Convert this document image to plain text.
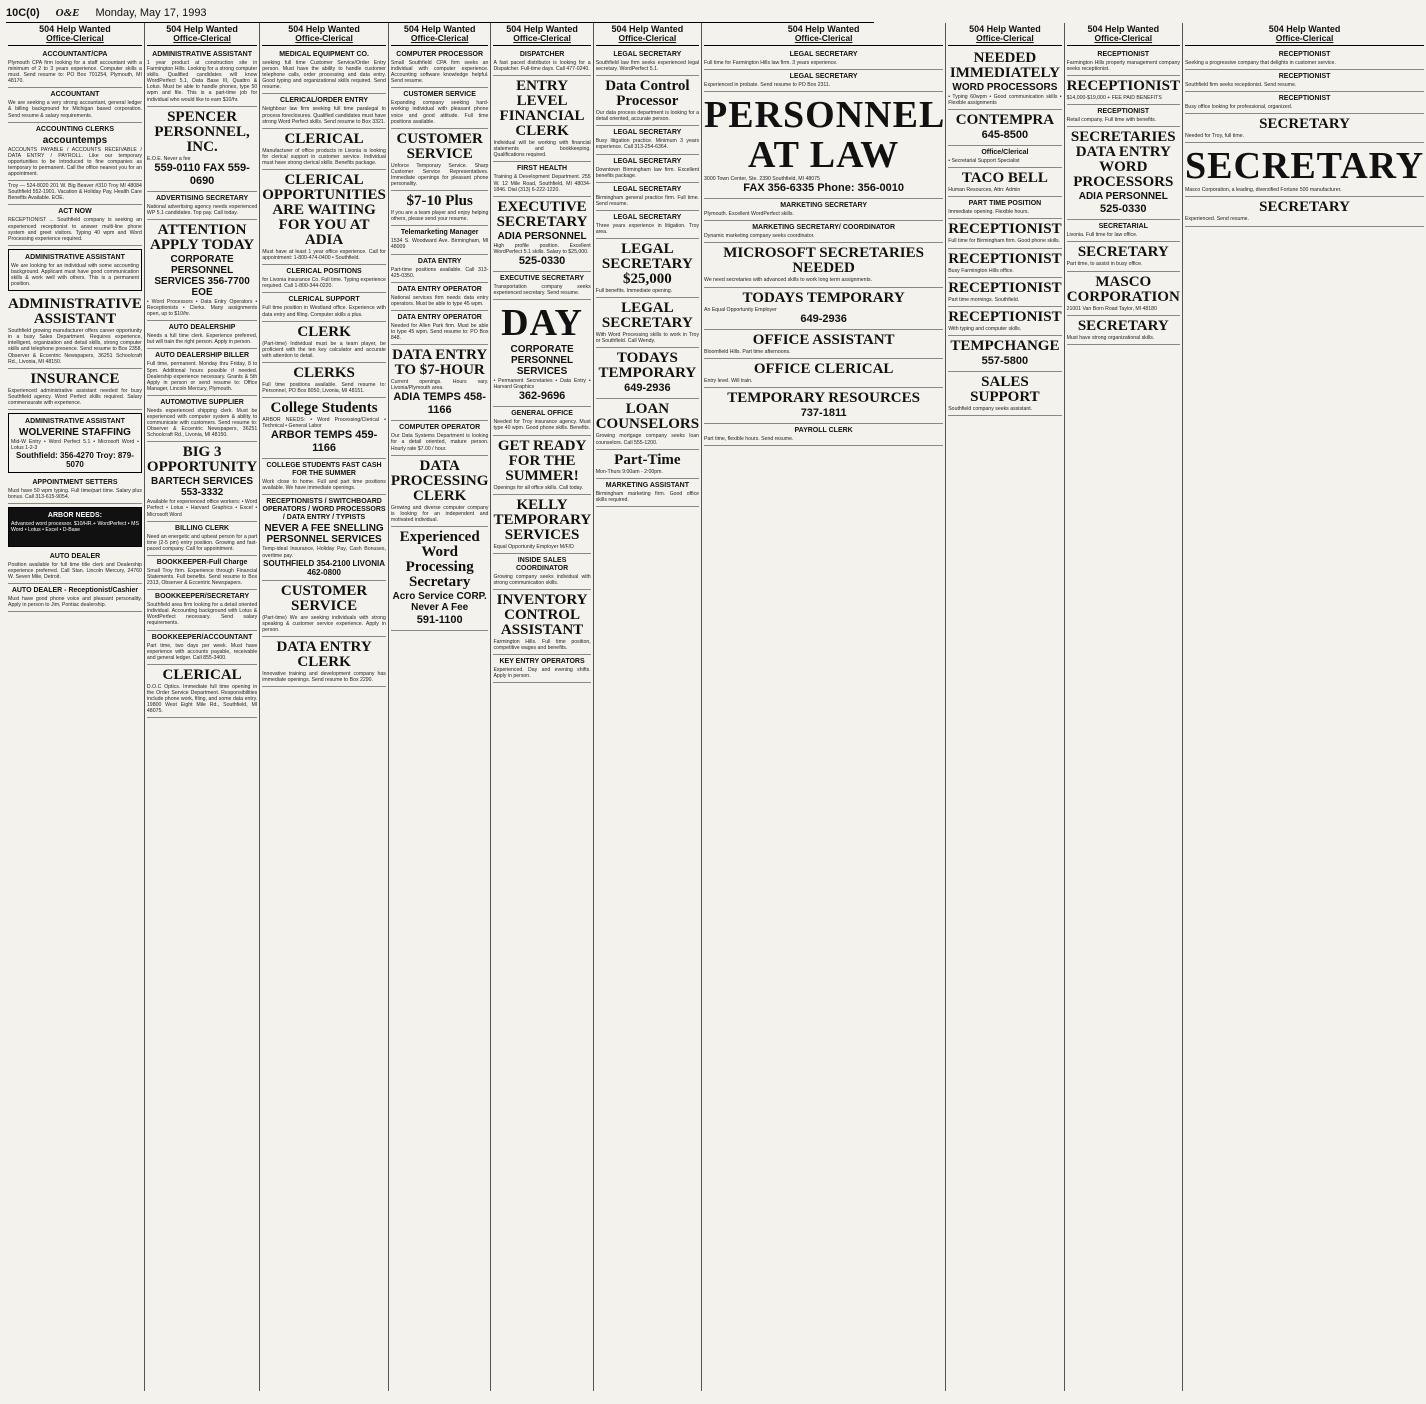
10C(0) O&E Monday, May 17, 1993
504 Help Wanted
Office-Clerical
ACCOUNTANT/CPA

Plymouth CPA firm looking for a staff accountant with a minimum of 2 to 3 years experience. Computer skills a must. Send resume to: PO Box 701254, Plymouth, MI 48170.

ACCOUNTANT

We are seeking a very strong accountant, general ledger & billing background for Michigan based corporation. Send resume & salary requirements.

ACCOUNTING CLERKS
accountemps

ACCOUNTS PAYABLE / ACCOUNTS RECEIVABLE / DATA ENTRY / PAYROLL. Like our temporary opportunities to be introduced to fine companies as temporary to permanent. Call the office nearest you for an appointment.

Troy — 524-8020 201 W. Big Beaver #310 Troy MI 48084 Southfield 552-1901. Vacation & Holiday Pay, Health Care Benefits Available. EOE.

ACT NOW

RECEPTIONIST ... Southfield company is seeking an experienced receptionist to answer multi-line phone system and greet visitors. Typing 40 wpm and Word Processing experience required.

ADMINISTRATIVE ASSISTANT

We are looking for an individual with some accounting background. Applicant must have good communication skills & work well with others. This is a permanent position.

ADMINISTRATIVE ASSISTANT

Southfield growing manufacturer offers career opportunity in a busy Sales Department. Requires experience, intelligent, organization and detail skills, strong computer skills and telephone presence. Send resume to Box 2358, Observer & Eccentric Newspapers, 36251 Schoolcraft Rd., Livonia, MI 48150.

INSURANCE

Experienced administrative assistant needed for busy Southfield agency. Word Perfect skills required. Salary commensurate with experience.

ADMINISTRATIVE ASSISTANT
WOLVERINE STAFFING

Mid-W Entry • Word Perfect 5.1 • Microsoft Word • Lotus 1-2-3

Southfield: 356-4270 Troy: 879-5070
APPOINTMENT SETTERS

Must have 50 wpm typing. Full time/part time. Salary plus bonus. Call 313-615-9054.

ARBOR NEEDS:

Advanced word processor. $10/HR.+ WordPerfect • MS Word • Lotus • Excel • D-Base

ARBOR TEMPS 459-1166
AUTO DEALER

Position available for full time title clerk and Dealership experience preferred. Call Stan. Lincoln Mercury, 24760 W. Seven Mile, Detroit.

AUTO DEALER - Receptionist/Cashier

Must have good phone voice and pleasant personality. Apply in person to Jim, Pontiac dealership.

504 Help Wanted
Office-Clerical
ADMINISTRATIVE ASSISTANT

1 year product at construction site in Farmington Hills. Looking for a strong computer skills. Qualified candidates will know WordPerfect 5.1, Data Base III, Quattro & Lotus. Must be able to handle phones, type 50 wpm and file. This is a part-time job for individual who would like to earn $10/hr.

SPENCER PERSONNEL, INC.

E.O.E. Never a fee

559-0110 FAX 559-0690
ADVERTISING SECRETARY

National advertising agency needs experienced WP 5.1 candidates. Top pay. Call today.

ATTENTION APPLY TODAY
CORPORATE PERSONNEL SERVICES 356-7700 EOE

• Word Processors • Data Entry Operators • Receptionists • Clerks. Many assignments open, up to $10/hr.

AUTO DEALERSHIP

Needs a full time clerk. Experience preferred, but will train the right person. Apply in person.

AUTO DEALERSHIP BILLER

Full time, permanent. Monday thru Friday, 8 to 5pm. Additional hours possible if needed. Dealership experience necessary. Grants & 5th Apply in person or send resume to: Office Manager, Lincoln Mercury, Plymouth.

AUTOMOTIVE SUPPLIER

Needs experienced shipping clerk. Must be experienced with computer system & ability to communicate with customers. Send resume to: Observer & Eccentric Newspapers, 36251 Schoolcraft Rd., Livonia, MI 48150.

BIG 3 OPPORTUNITY
BARTECH SERVICES 553-3332

Available for experienced office workers: • Word Perfect • Lotus • Harvard Graphics • Excel • Microsoft Word

BILLING CLERK

Need an energetic and upbeat person for a part time (2-5 pm) entry position. Growing and fast-paced company. Call for appointment.

BOOKKEEPER-Full Charge

Small Troy firm. Experience through Financial Statements. Full benefits. Send resume to Box 2313, Observer & Eccentric Newspapers.

BOOKKEEPER/SECRETARY

Southfield area firm looking for a detail oriented individual. Accounting background with Lotus & WordPerfect necessary. Send salary requirements.

BOOKKEEPER/ACCOUNTANT

Part time, two days per week. Must have experience with accounts payable, receivable and general ledger. Call 855-3400.

CLERICAL

D.O.C Optics. Immediate full time opening in the Order Service Department. Responsibilities include phone work, filing, and some data entry. 19800 West Eight Mile Rd., Southfield, MI 48075.

504 Help Wanted
Office-Clerical
MEDICAL EQUIPMENT CO.

seeking full time Customer Service/Order Entry person. Must have the ability to handle customer telephone calls, order processing and data entry. Good typing and organizational skills required. Send resume.

CLERICAL/ORDER ENTRY

Neighbour law firm seeking full time paralegal to process foreclosures. Qualified candidates must have strong Word Perfect skills. Send resume to Box 3321.

CLERICAL

Manufacturer of office products in Livonia is looking for clerical support in customer service. Individual must have strong clerical skills. Benefits package.

CLERICAL OPPORTUNITIES ARE WAITING FOR YOU AT ADIA

Must have at least 1 year office experience. Call for appointment: 1-800-474-0400 • Southfield.

CLERICAL POSITIONS

for Livonia insurance Co. Full time. Typing experience required. Call 1-800-344-0220.

CLERICAL SUPPORT

Full time position in Westland office. Experience with data entry and filing. Computer skills a plus.

CLERK

(Part-time) Individual must be a team player, be proficient with the ten key calculator and accurate with attention to detail.

CLERKS

Full time positions available. Send resume to: Personnel, PO Box 8050, Livonia, MI 48151.

College Students

ARBOR NEEDS: • Word Processing/Clerical • Technical • General Labor

ARBOR TEMPS 459-1166
COLLEGE STUDENTS FAST CASH FOR THE SUMMER

Work close to home. Full and part time positions available. We have immediate openings.

RECEPTIONISTS / SWITCHBOARD OPERATORS / WORD PROCESSORS / DATA ENTRY / TYPISTS
NEVER A FEE SNELLING PERSONNEL SERVICES

Temp-ideal Insurance, Holiday Pay, Cash Bonuses, overtime pay.

SOUTHFIELD 354-2100 LIVONIA 462-0800
CUSTOMER SERVICE

(Part-time) We are seeking individuals with strong speaking & customer service experience. Apply in person.

DATA ENTRY CLERK

Innovative training and development company has immediate openings. Send resume to Box 2290.

504 Help Wanted
Office-Clerical
COMPUTER PROCESSOR

Small Southfield CPA firm seeks an individual with computer experience. Accounting software knowledge helpful. Send resume.

CUSTOMER SERVICE

Expanding company seeking hard-working individual with pleasant phone voice and good attitude. Full time positions available.

CUSTOMER SERVICE

Unforce Temporary Service. Sharp Customer Service Representatives. Immediate openings for pleasant phone personality.

$7-10 Plus

If you are a team player and enjoy helping others, please send your resume.

Telemarketing Manager

1534 S. Woodward Ave. Birmingham, MI 48009

DATA ENTRY

Part-time positions available. Call 313-425-0350.

DATA ENTRY OPERATOR

National services firm needs data entry operators. Must be able to type 45 wpm.

DATA ENTRY OPERATOR

Needed for Allen Park firm. Must be able to type 45 wpm. Send resume to: PO Box 848.

DATA ENTRY TO $7-HOUR

Current openings. Hours vary. Livonia/Plymouth area.

ADIA TEMPS 458-1166
COMPUTER OPERATOR

Our Data Systems Department is looking for a detail oriented, mature person. Hourly rate $7.00 / hour.

DATA PROCESSING CLERK

Growing and diverse computer company is looking for an independent and motivated individual.

Experienced Word Processing Secretary
Acro Service CORP. Never A Fee
591-1100
504 Help Wanted
Office-Clerical
DISPATCHER

A fast paced distributor is looking for a Dispatcher. Full-time days. Call 477-0240.

ENTRY LEVEL FINANCIAL CLERK

Individual will be working with financial statements and bookkeeping. Qualifications required.

FIRST HEALTH

Training & Development Department. 255 W. 12 Mile Road, Southfield, MI 48034-1846. Dial (313) 6-222-1220.

EXECUTIVE SECRETARY
ADIA PERSONNEL

High profile position. Excellent WordPerfect 5.1 skills. Salary to $25,000.

525-0330
EXECUTIVE SECRETARY

Transportation company seeks experienced secretary. Send resume.

DAY
CORPORATE PERSONNEL SERVICES

• Permanent Secretaries • Data Entry • Harvard Graphics

362-9696
GENERAL OFFICE

Needed for Troy insurance agency. Must type 40 wpm. Good phone skills. Benefits.

GET READY FOR THE SUMMER!

Openings for all office skills. Call today.

KELLY TEMPORARY SERVICES

Equal Opportunity Employer M/F/D

INSIDE SALES COORDINATOR

Growing company seeks individual with strong communication skills.

INVENTORY CONTROL ASSISTANT

Farmington Hills. Full time position, competitive wages and benefits.

KEY ENTRY OPERATORS

Experienced. Day and evening shifts. Apply in person.

504 Help Wanted
Office-Clerical
LEGAL SECRETARY

Southfield law firm seeks experienced legal secretary. WordPerfect 5.1.

Data Control Processor

Our data process department is looking for a detail oriented, accurate person.

LEGAL SECRETARY

Busy litigation practice. Minimum 3 years experience. Call 313-254-6364.

LEGAL SECRETARY

Downtown Birmingham law firm. Excellent benefits package.

LEGAL SECRETARY

Birmingham general practice firm. Full time. Send resume.

LEGAL SECRETARY

Three years experience in litigation. Troy area.

LEGAL SECRETARY $25,000

Full benefits. Immediate opening.

LEGAL SECRETARY

With Word Processing skills to work in Troy or Southfield. Call Wendy.

TODAYS TEMPORARY
649-2936
LOAN COUNSELORS

Growing mortgage company seeks loan counselors. Call 555-1200.

Part-Time

Mon-Thurs 9:00am - 2:00pm.

MARKETING ASSISTANT

Birmingham marketing firm. Good office skills required.

504 Help Wanted
Office-Clerical
LEGAL SECRETARY

Full time for Farmington Hills law firm. 3 years experience.

LEGAL SECRETARY

Experienced in probate. Send resume to PO Box 2311.

PERSONNEL AT LAW

3000 Town Center, Ste. 2390 Southfield, MI 48075

FAX 356-6335 Phone: 356-0010
MARKETING SECRETARY

Plymouth. Excellent WordPerfect skills.

MARKETING SECRETARY/ COORDINATOR

Dynamic marketing company seeks coordinator.

MICROSOFT SECRETARIES NEEDED

We need secretaries with advanced skills to work long term assignments.

TODAYS TEMPORARY

An Equal Opportunity Employer

649-2936
OFFICE ASSISTANT

Bloomfield Hills. Part time afternoons.

OFFICE CLERICAL

Entry level. Will train.

TEMPORARY RESOURCES
737-1811
PAYROLL CLERK

Part time, flexible hours. Send resume.

504 Help Wanted
Office-Clerical
NEEDED IMMEDIATELY
WORD PROCESSORS

• Typing 60wpm • Good communication skills • Flexible assignments

CONTEMPRA
645-8500
Office/Clerical

• Secretarial Support Specialist

TACO BELL

Human Resources, Attn: Admin

PART TIME POSITION

Immediate opening. Flexible hours.

RECEPTIONIST

Full time for Birmingham firm. Good phone skills.

RECEPTIONIST

Busy Farmington Hills office.

RECEPTIONIST

Part time mornings. Southfield.

RECEPTIONIST

With typing and computer skills.

TEMPCHANGE
557-5800
SALES SUPPORT

Southfield company seeks assistant.

504 Help Wanted
Office-Clerical
RECEPTIONIST

Farmington Hills property management company seeks receptionist.

RECEPTIONIST

$14,000-$19,000 + FEE PAID BENEFITS

RECEPTIONIST

Retail company. Full time with benefits.

SECRETARIES DATA ENTRY WORD PROCESSORS
ADIA PERSONNEL
525-0330
SECRETARIAL

Livonia. Full time for law office.

SECRETARY

Part time, to assist in busy office.

MASCO CORPORATION

21001 Van Born Road Taylor, MI 48180

SECRETARY

Must have strong organizational skills.

504 Help Wanted
Office-Clerical
RECEPTIONIST

Seeking a progressive company that delights in customer service.

RECEPTIONIST

Southfield firm seeks receptionist. Send resume.

RECEPTIONIST

Busy office looking for professional, organized.

SECRETARY

Needed for Troy, full time.

SECRETARY

Masco Corporation, a leading, diversified Fortune 500 manufacturer.

SECRETARY

Experienced. Send resume.
